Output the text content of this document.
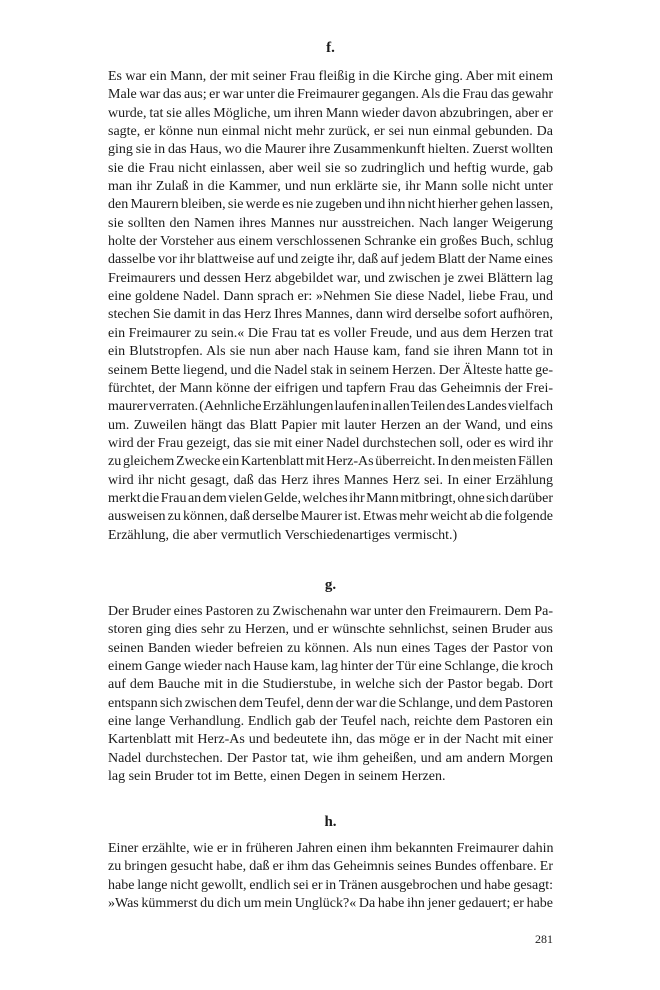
f.
Es war ein Mann, der mit seiner Frau fleißig in die Kirche ging. Aber mit einem
Male war das aus; er war unter die Freimaurer gegangen. Als die Frau das gewahr
wurde, tat sie alles Mögliche, um ihren Mann wieder davon abzubringen, aber er
sagte, er könne nun einmal nicht mehr zurück, er sei nun einmal gebunden. Da
ging sie in das Haus, wo die Maurer ihre Zusammenkunft hielten. Zuerst wollten
sie die Frau nicht einlassen, aber weil sie so zudringlich und heftig wurde, gab
man ihr Zulaß in die Kammer, und nun erklärte sie, ihr Mann solle nicht unter
den Maurern bleiben, sie werde es nie zugeben und ihn nicht hierher gehen lassen,
sie sollten den Namen ihres Mannes nur ausstreichen. Nach langer Weigerung
holte der Vorsteher aus einem verschlossenen Schranke ein großes Buch, schlug
dasselbe vor ihr blattweise auf und zeigte ihr, daß auf jedem Blatt der Name eines
Freimaurers und dessen Herz abgebildet war, und zwischen je zwei Blättern lag
eine goldene Nadel. Dann sprach er: »Nehmen Sie diese Nadel, liebe Frau, und
stechen Sie damit in das Herz Ihres Mannes, dann wird derselbe sofort aufhören,
ein Freimaurer zu sein.« Die Frau tat es voller Freude, und aus dem Herzen trat
ein Blutstropfen. Als sie nun aber nach Hause kam, fand sie ihren Mann tot in
seinem Bette liegend, und die Nadel stak in seinem Herzen. Der Älteste hatte ge-
fürchtet, der Mann könne der eifrigen und tapfern Frau das Geheimnis der Frei-
maurer verraten. (Aehnliche Erzählungen laufen in allen Teilen des Landes vielfach
um. Zuweilen hängt das Blatt Papier mit lauter Herzen an der Wand, und eins
wird der Frau gezeigt, das sie mit einer Nadel durchstechen soll, oder es wird ihr
zu gleichem Zwecke ein Kartenblatt mit Herz-As überreicht. In den meisten Fällen
wird ihr nicht gesagt, daß das Herz ihres Mannes Herz sei. In einer Erzählung
merkt die Frau an dem vielen Gelde, welches ihr Mann mitbringt, ohne sich darüber
ausweisen zu können, daß derselbe Maurer ist. Etwas mehr weicht ab die folgende
Erzählung, die aber vermutlich Verschiedenartiges vermischt.)
g.
Der Bruder eines Pastoren zu Zwischenahn war unter den Freimaurern. Dem Pa-
storen ging dies sehr zu Herzen, und er wünschte sehnlichst, seinen Bruder aus
seinen Banden wieder befreien zu können. Als nun eines Tages der Pastor von
einem Gange wieder nach Hause kam, lag hinter der Tür eine Schlange, die kroch
auf dem Bauche mit in die Studierstube, in welche sich der Pastor begab. Dort
entspann sich zwischen dem Teufel, denn der war die Schlange, und dem Pastoren
eine lange Verhandlung. Endlich gab der Teufel nach, reichte dem Pastoren ein
Kartenblatt mit Herz-As und bedeutete ihn, das möge er in der Nacht mit einer
Nadel durchstechen. Der Pastor tat, wie ihm geheißen, und am andern Morgen
lag sein Bruder tot im Bette, einen Degen in seinem Herzen.
h.
Einer erzählte, wie er in früheren Jahren einen ihm bekannten Freimaurer dahin
zu bringen gesucht habe, daß er ihm das Geheimnis seines Bundes offenbare. Er
habe lange nicht gewollt, endlich sei er in Tränen ausgebrochen und habe gesagt:
»Was kümmerst du dich um mein Unglück?« Da habe ihn jener gedauert; er habe
281
